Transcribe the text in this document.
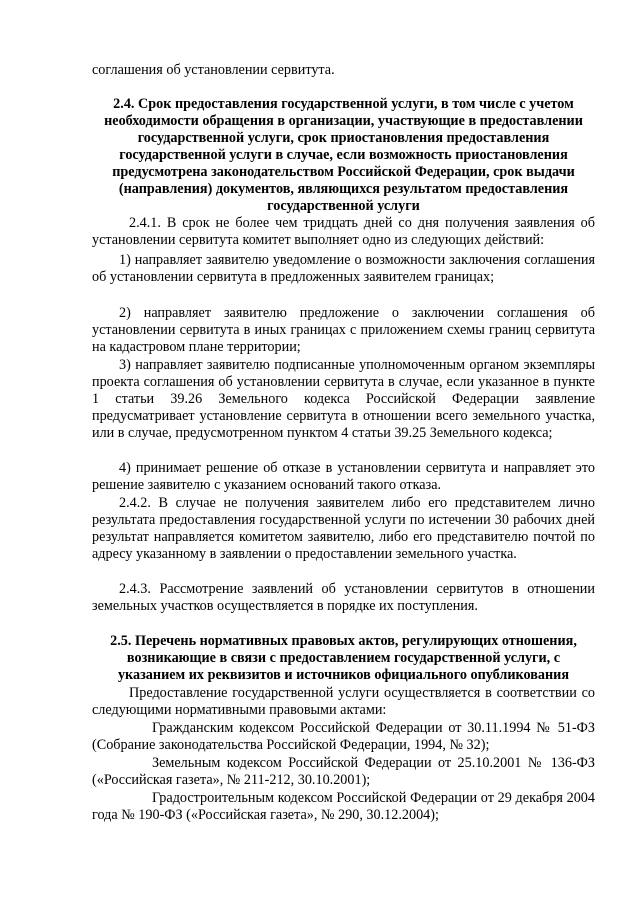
соглашения об установлении сервитута.

2.4. Срок предоставления государственной услуги, в том числе с учетом необходимости обращения в организации, участвующие в предоставлении государственной услуги, срок приостановления предоставления государственной услуги в случае, если возможность приостановления предусмотрена законодательством Российской Федерации, срок выдачи (направления) документов, являющихся результатом предоставления государственной услуги

2.4.1. В срок не более чем тридцать дней со дня получения заявления об установлении сервитута комитет выполняет одно из следующих действий:

1) направляет заявителю уведомление о возможности заключения соглашения об установлении сервитута в предложенных заявителем границах;

2) направляет заявителю предложение о заключении соглашения об установлении сервитута в иных границах с приложением схемы границ сервитута на кадастровом плане территории;

3) направляет заявителю подписанные уполномоченным органом экземпляры проекта соглашения об установлении сервитута в случае, если указанное в пункте 1 статьи 39.26 Земельного кодекса Российской Федерации заявление предусматривает установление сервитута в отношении всего земельного участка, или в случае, предусмотренном пунктом 4 статьи 39.25 Земельного кодекса;

4) принимает решение об отказе в установлении сервитута и направляет это решение заявителю с указанием оснований такого отказа.

2.4.2. В случае не получения заявителем либо его представителем лично результата предоставления государственной услуги по истечении 30 рабочих дней результат направляется комитетом заявителю, либо его представителю почтой по адресу указанному в заявлении о предоставлении земельного участка.

2.4.3. Рассмотрение заявлений об установлении сервитутов в отношении земельных участков осуществляется в порядке их поступления.

2.5. Перечень нормативных правовых актов, регулирующих отношения, возникающие в связи с предоставлением государственной услуги, с указанием их реквизитов и источников официального опубликования

Предоставление государственной услуги осуществляется в соответствии со следующими нормативными правовыми актами:

Гражданским кодексом Российской Федерации от 30.11.1994 № 51-ФЗ (Собрание законодательства Российской Федерации, 1994, № 32);

Земельным кодексом Российской Федерации от 25.10.2001 № 136-ФЗ («Российская газета», № 211-212, 30.10.2001);

Градостроительным кодексом Российской Федерации от 29 декабря 2004 года № 190-ФЗ («Российская газета», № 290, 30.12.2004);
